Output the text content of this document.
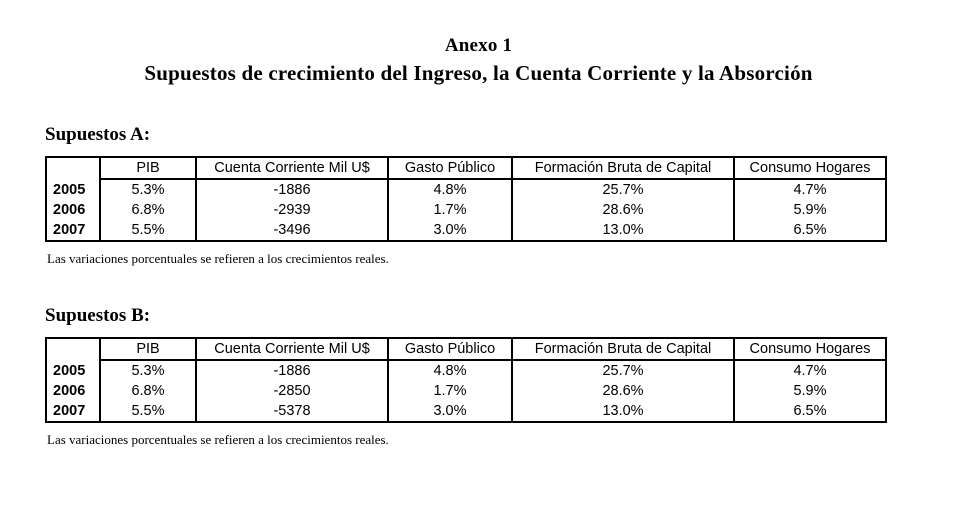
Anexo 1
Supuestos de crecimiento del Ingreso, la Cuenta Corriente y la Absorción
Supuestos A:
	PIB	Cuenta Corriente Mil U$	Gasto Público	Formación Bruta de Capital	Consumo Hogares
2005	5.3%	-1886	4.8%	25.7%	4.7%
2006	6.8%	-2939	1.7%	28.6%	5.9%
2007	5.5%	-3496	3.0%	13.0%	6.5%
Las variaciones porcentuales se refieren a los crecimientos reales.
Supuestos B:
	PIB	Cuenta Corriente Mil U$	Gasto Público	Formación Bruta de Capital	Consumo Hogares
2005	5.3%	-1886	4.8%	25.7%	4.7%
2006	6.8%	-2850	1.7%	28.6%	5.9%
2007	5.5%	-5378	3.0%	13.0%	6.5%
Las variaciones porcentuales se refieren a los crecimientos reales.
